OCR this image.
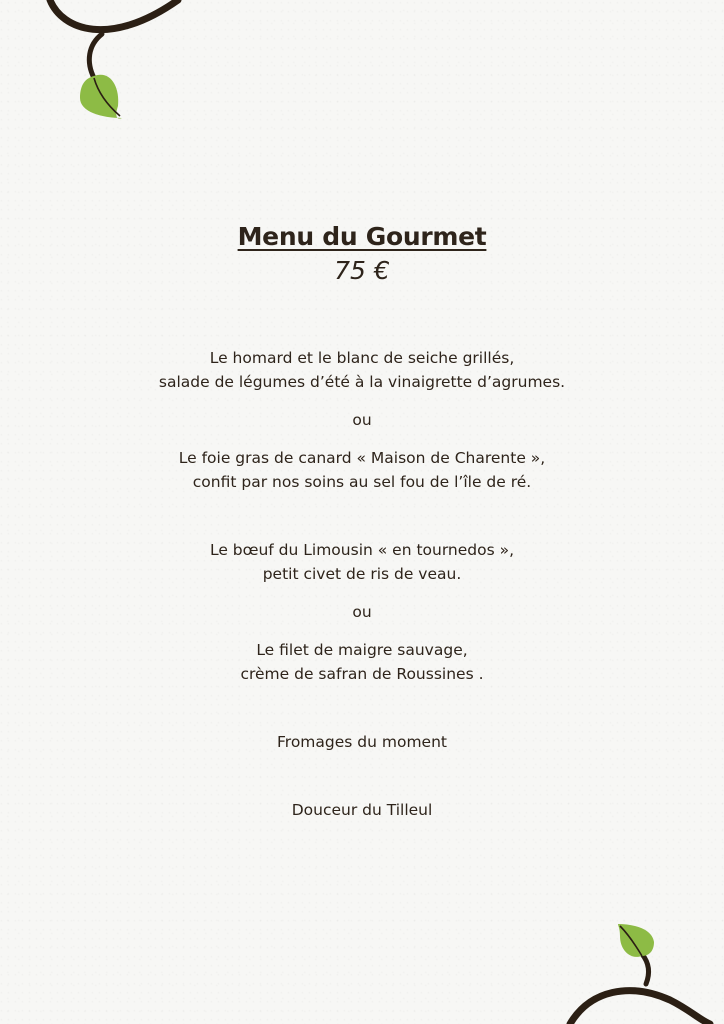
Menu du Gourmet

75 €

Le homard et le blanc de seiche grillés,

salade de légumes d’été à la vinaigrette d’agrumes.

ou

Le foie gras de canard « Maison de Charente »,

confit par nos soins au sel fou de l’île de ré.

Le bœuf du Limousin « en tournedos »,

petit civet de ris de veau.

ou

Le filet de maigre sauvage,

crème de safran de Roussines .

Fromages du moment

Douceur du Tilleul
